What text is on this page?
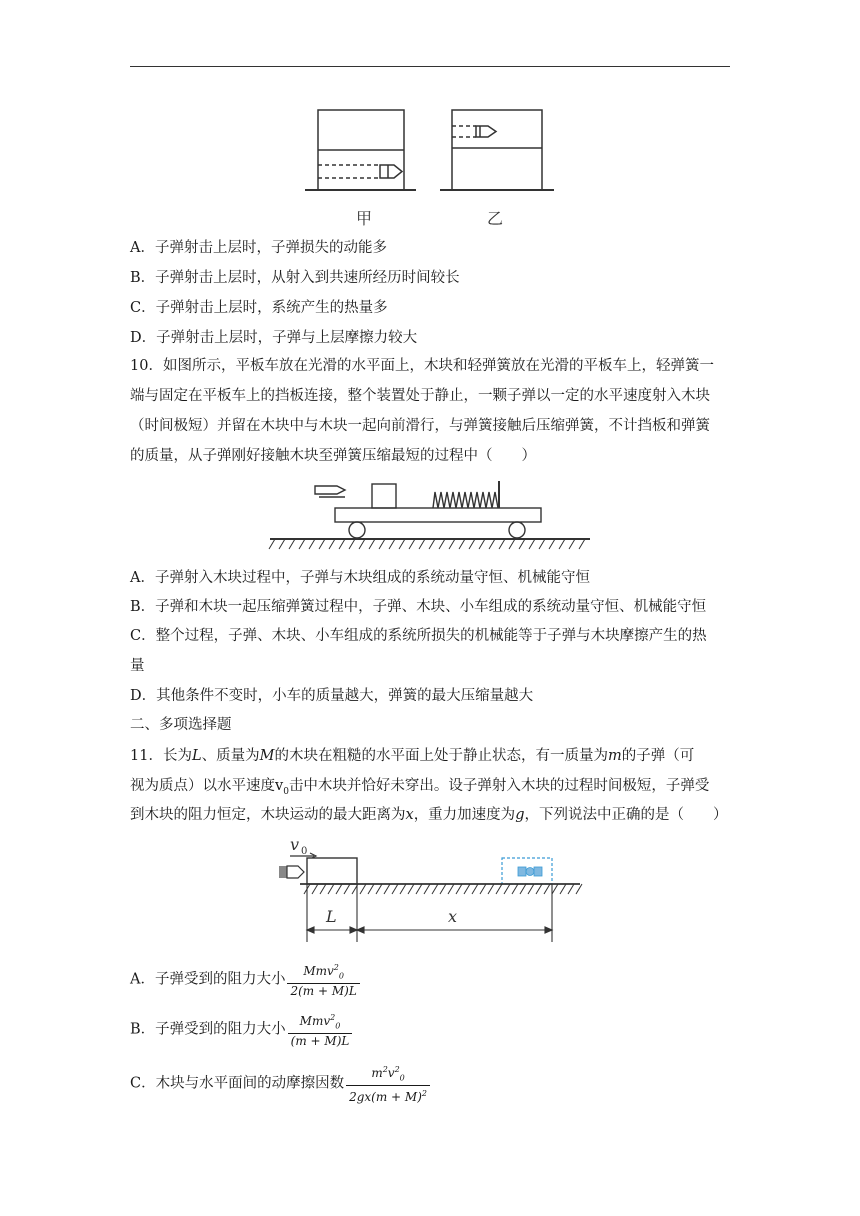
甲	乙
A．子弹射击上层时，子弹损失的动能多
B．子弹射击上层时，从射入到共速所经历时间较长
C．子弹射击上层时，系统产生的热量多
D．子弹射击上层时，子弹与上层摩擦力较大
10．如图所示，平板车放在光滑的水平面上，木块和轻弹簧放在光滑的平板车上，轻弹簧一
端与固定在平板车上的挡板连接，整个装置处于静止，一颗子弹以一定的水平速度射入木块
（时间极短）并留在木块中与木块一起向前滑行，与弹簧接触后压缩弹簧，不计挡板和弹簧
的质量，从子弹刚好接触木块至弹簧压缩最短的过程中（　　）
A．子弹射入木块过程中，子弹与木块组成的系统动量守恒、机械能守恒
B．子弹和木块一起压缩弹簧过程中，子弹、木块、小车组成的系统动量守恒、机械能守恒
C．整个过程，子弹、木块、小车组成的系统所损失的机械能等于子弹与木块摩擦产生的热
量
D．其他条件不变时，小车的质量越大，弹簧的最大压缩量越大
二、多项选择题
11．长为L、质量为M的木块在粗糙的水平面上处于静止状态，有一质量为m的子弹（可
视为质点）以水平速度$v_0$击中木块并恰好未穿出。设子弹射入木块的过程时间极短，子弹受
到木块的阻力恒定，木块运动的最大距离为x，重力加速度为g，下列说法中正确的是（　　）
v 0
L	x
A．子弹受到的阻力大小 $\frac{Mmv^2_0}{2(m + M)L}$
B．子弹受到的阻力大小 $\frac{Mmv^2_0}{(m + M)L}$
C．木块与水平面间的动摩擦因数 $\frac{m^2v^2_0}{2gx(m + M)^2}$
